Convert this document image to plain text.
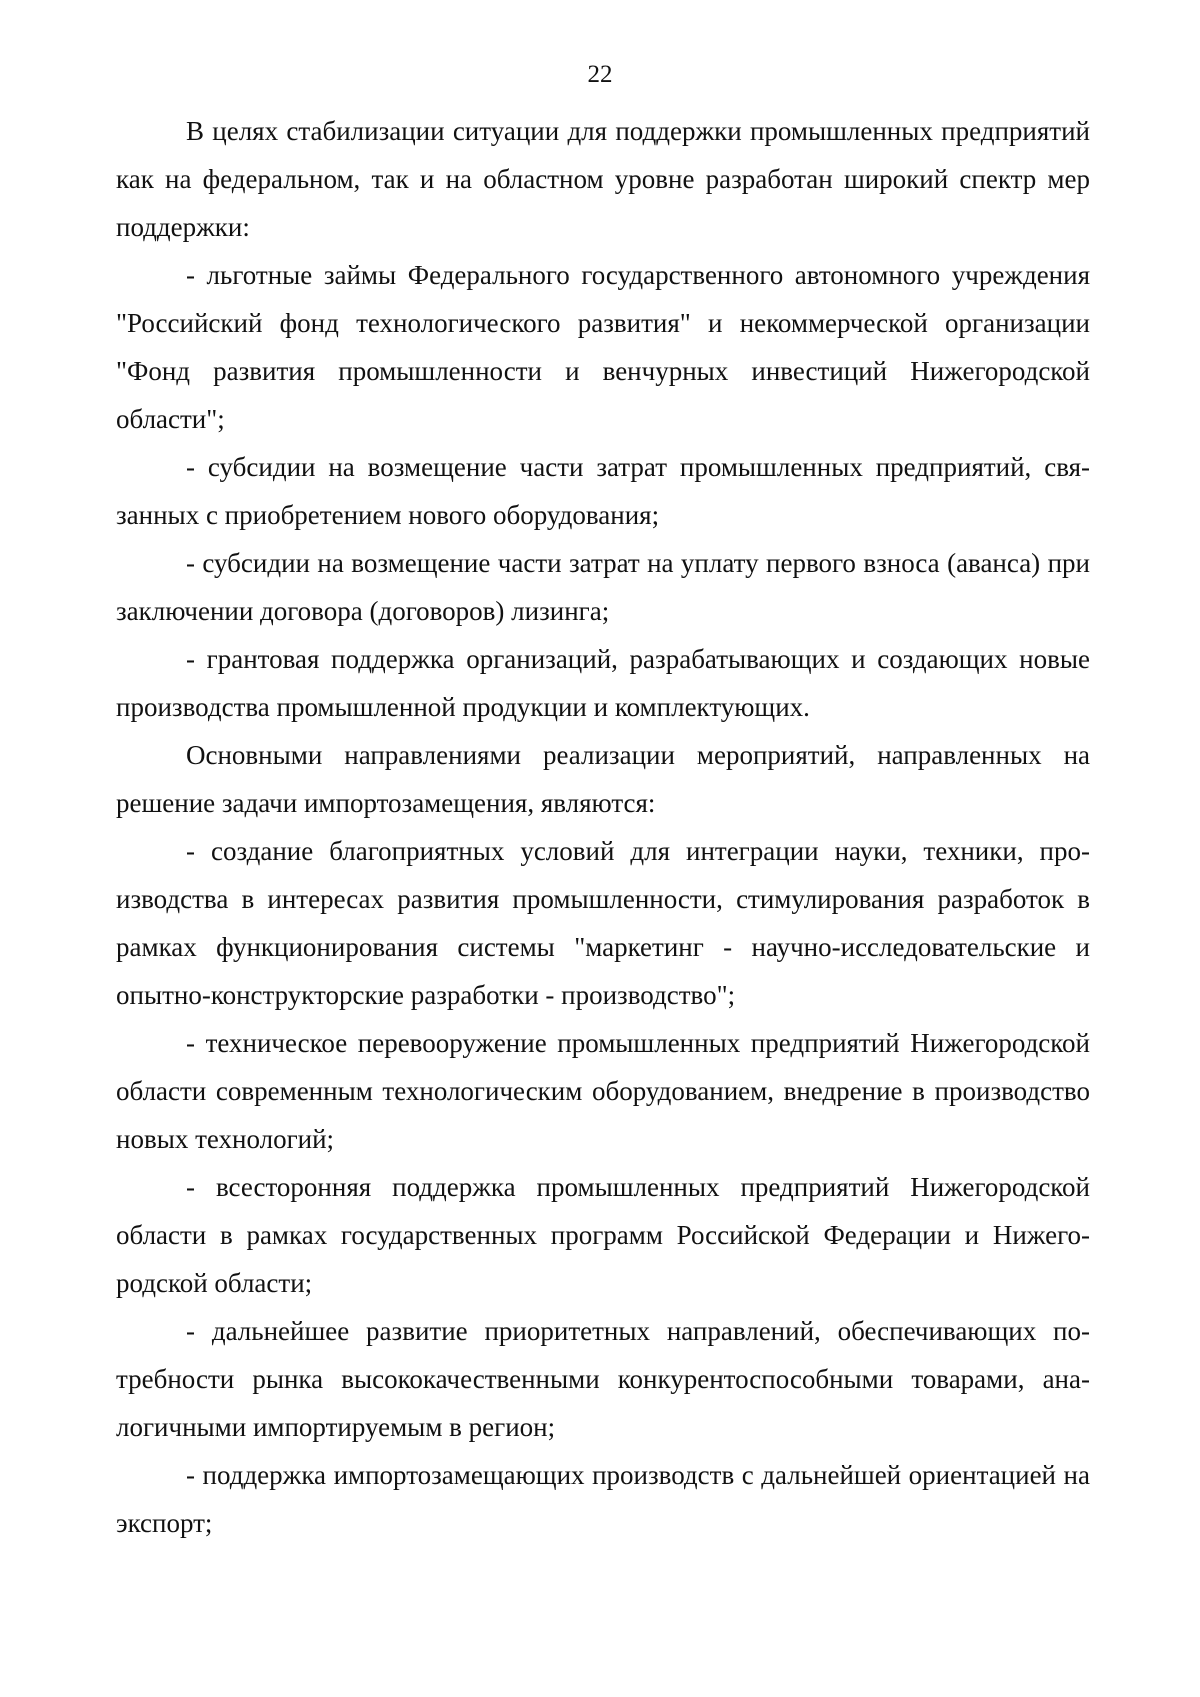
22

В целях стабилизации ситуации для поддержки промышленных предприятий как на федеральном, так и на областном уровне разработан широкий спектр мер поддержки:

- льготные займы Федерального государственного автономного учреждения "Российский фонд технологического развития" и некоммерческой организации "Фонд развития промышленности и венчурных инвестиций Нижегородской области";

- субсидии на возмещение части затрат промышленных предприятий, связанных с приобретением нового оборудования;

- субсидии на возмещение части затрат на уплату первого взноса (аванса) при заключении договора (договоров) лизинга;

- грантовая поддержка организаций, разрабатывающих и создающих новые производства промышленной продукции и комплектующих.

Основными направлениями реализации мероприятий, направленных на решение задачи импортозамещения, являются:

- создание благоприятных условий для интеграции науки, техники, производства в интересах развития промышленности, стимулирования разработок в рамках функционирования системы "маркетинг - научно-исследовательские и опытно-конструкторские разработки - производство";

- техническое перевооружение промышленных предприятий Нижегородской области современным технологическим оборудованием, внедрение в производство новых технологий;

- всесторонняя поддержка промышленных предприятий Нижегородской области в рамках государственных программ Российской Федерации и Нижегородской области;

- дальнейшее развитие приоритетных направлений, обеспечивающих потребности рынка высококачественными конкурентоспособными товарами, аналогичными импортируемым в регион;

- поддержка импортозамещающих производств с дальнейшей ориентацией на экспорт;
